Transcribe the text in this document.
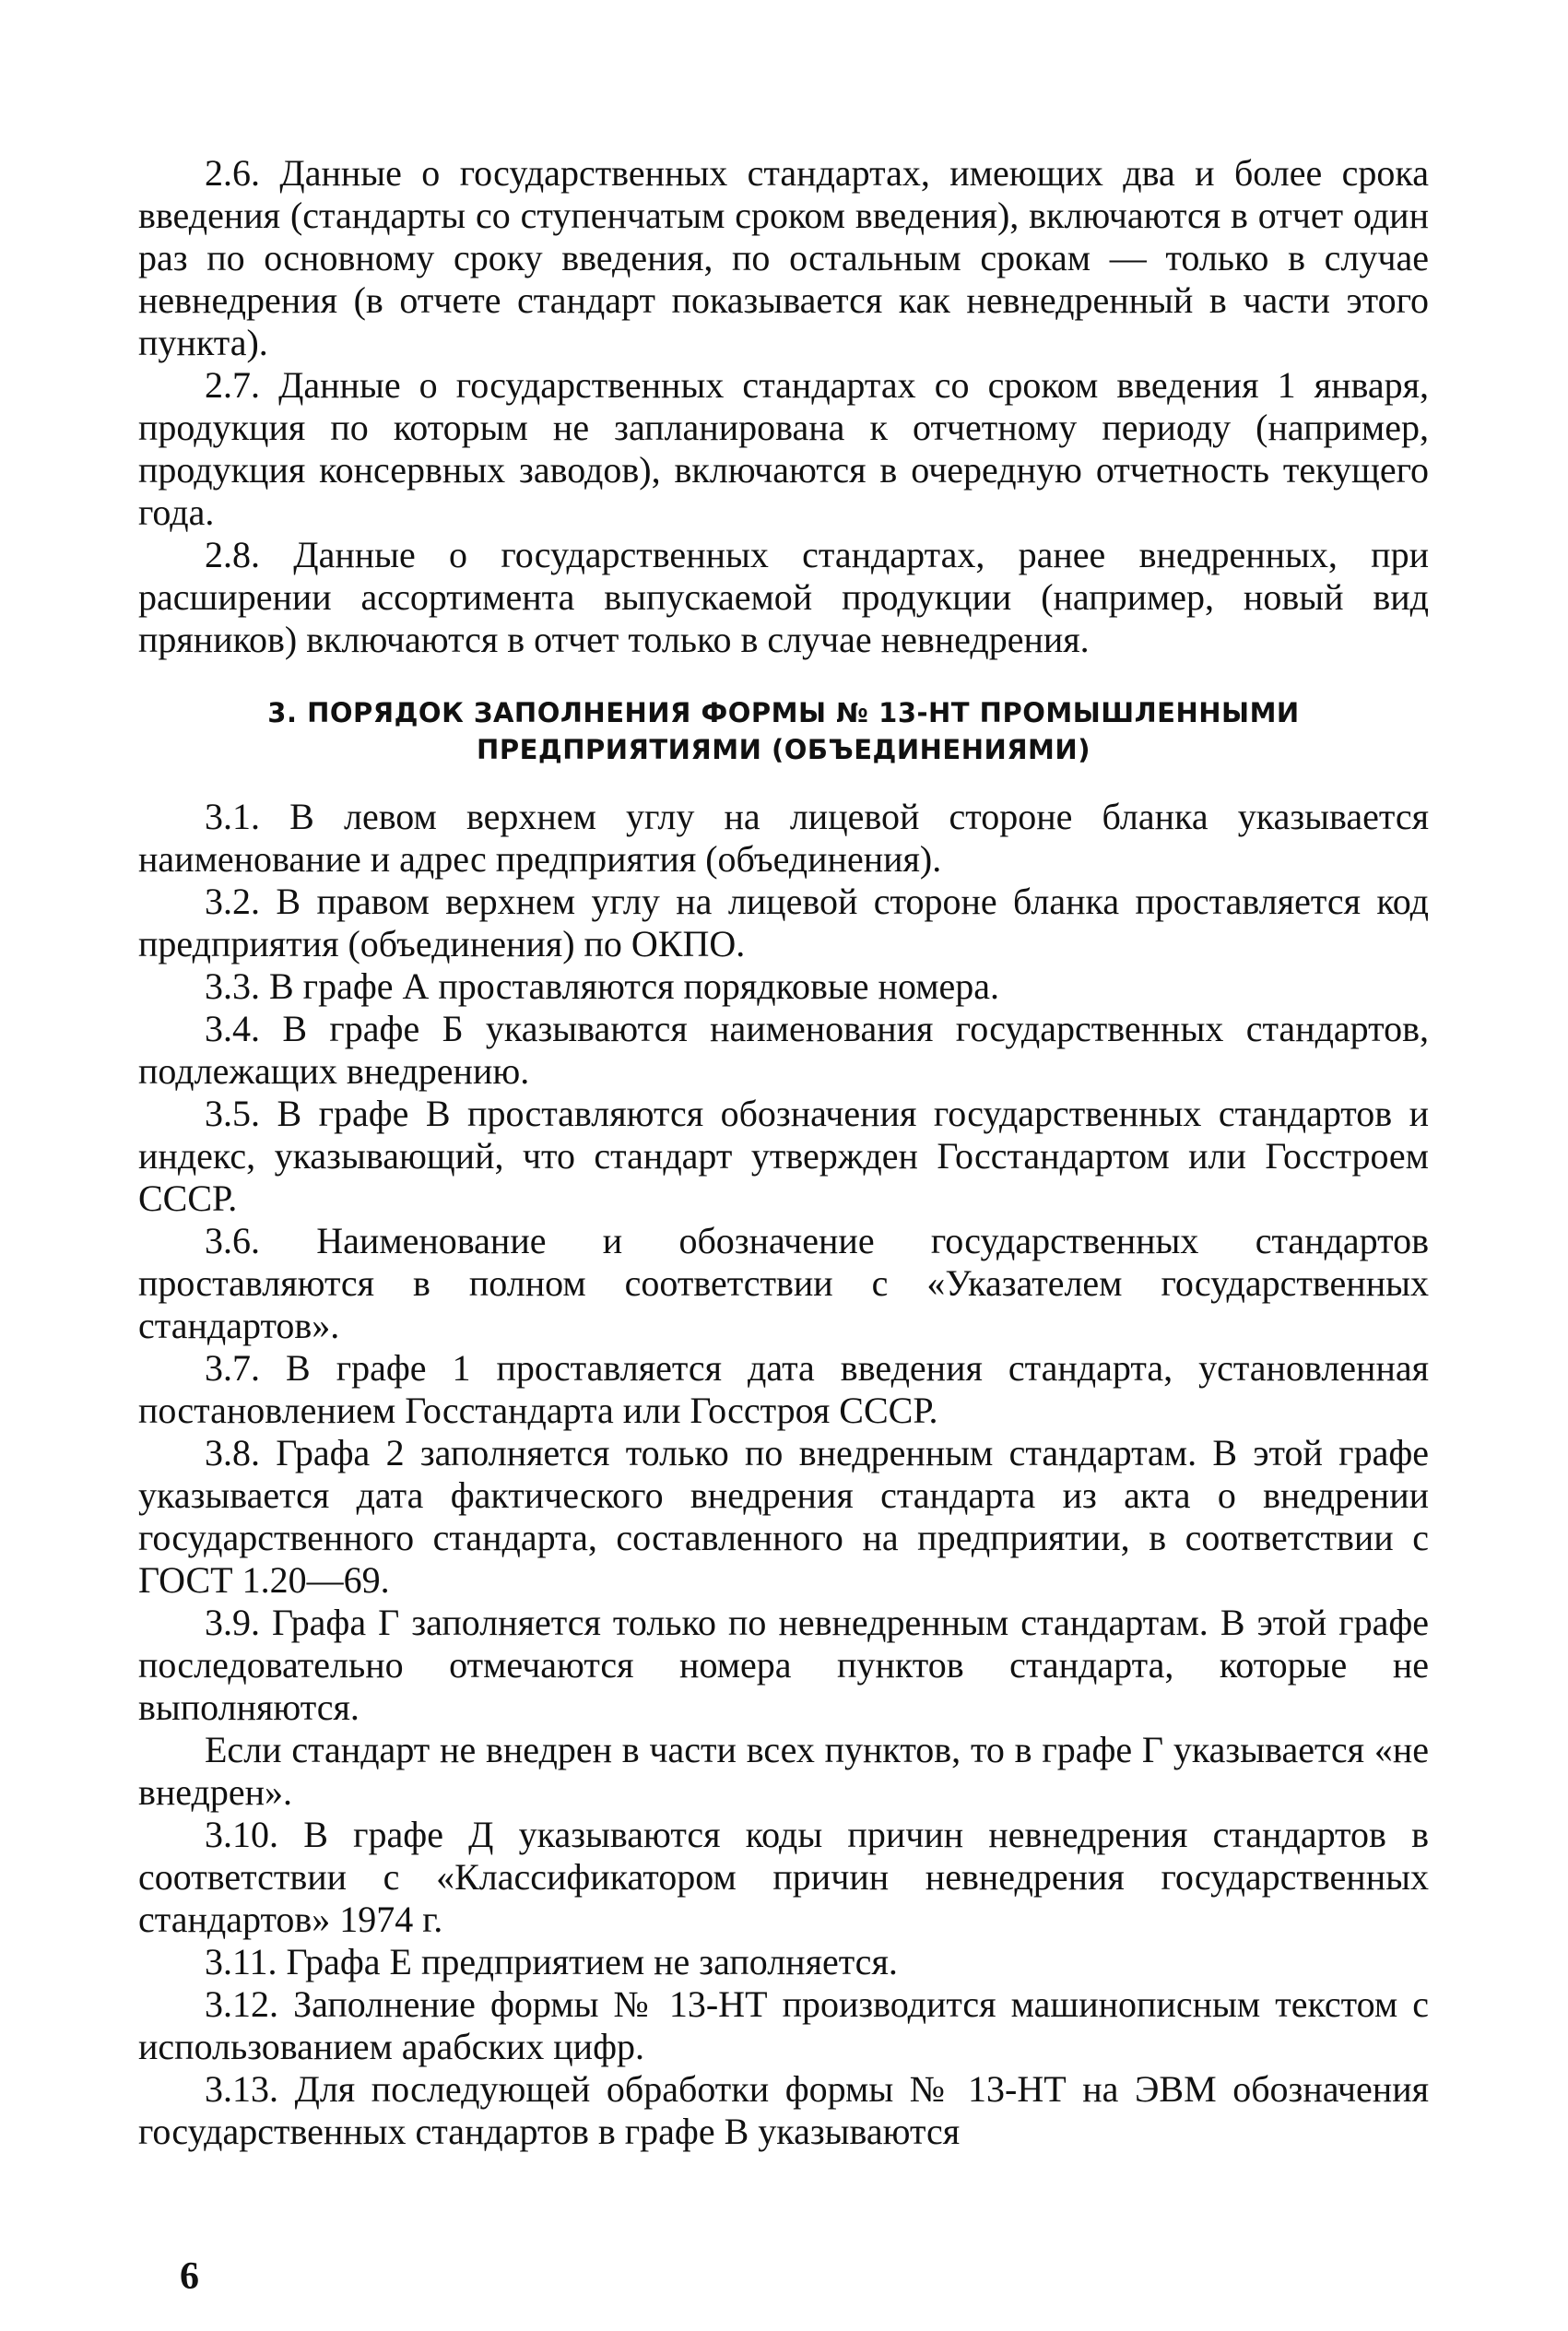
2.6. Данные о государственных стандартах, имеющих два и более срока введения (стандарты со ступенчатым сроком введения), включаются в отчет один раз по основному сроку введения, по остальным срокам — только в случае невнедрения (в отчете стандарт показывается как невнедренный в части этого пункта).

2.7. Данные о государственных стандартах со сроком введения 1 января, продукция по которым не запланирована к отчетному периоду (например, продукция консервных заводов), включаются в очередную отчетность текущего года.

2.8. Данные о государственных стандартах, ранее внедренных, при расширении ассортимента выпускаемой продукции (например, новый вид пряников) включаются в отчет только в случае невнедрения.

3. ПОРЯДОК ЗАПОЛНЕНИЯ ФОРМЫ № 13-НТ ПРОМЫШЛЕННЫМИ
ПРЕДПРИЯТИЯМИ (ОБЪЕДИНЕНИЯМИ)

3.1. В левом верхнем углу на лицевой стороне бланка указывается наименование и адрес предприятия (объединения).

3.2. В правом верхнем углу на лицевой стороне бланка проставляется код предприятия (объединения) по ОКПО.

3.3. В графе А проставляются порядковые номера.

3.4. В графе Б указываются наименования государственных стандартов, подлежащих внедрению.

3.5. В графе В проставляются обозначения государственных стандартов и индекс, указывающий, что стандарт утвержден Госстандартом или Госстроем СССР.

3.6. Наименование и обозначение государственных стандартов проставляются в полном соответствии с «Указателем государственных стандартов».

3.7. В графе 1 проставляется дата введения стандарта, установленная постановлением Госстандарта или Госстроя СССР.

3.8. Графа 2 заполняется только по внедренным стандартам. В этой графе указывается дата фактического внедрения стандарта из акта о внедрении государственного стандарта, составленного на предприятии, в соответствии с ГОСТ 1.20—69.

3.9. Графа Г заполняется только по невнедренным стандартам. В этой графе последовательно отмечаются номера пунктов стандарта, которые не выполняются.

Если стандарт не внедрен в части всех пунктов, то в графе Г указывается «не внедрен».

3.10. В графе Д указываются коды причин невнедрения стандартов в соответствии с «Классификатором причин невнедрения государственных стандартов» 1974 г.

3.11. Графа Е предприятием не заполняется.

3.12. Заполнение формы № 13-НТ производится машинописным текстом с использованием арабских цифр.

3.13. Для последующей обработки формы № 13-НТ на ЭВМ обозначения государственных стандартов в графе В указываются

6
